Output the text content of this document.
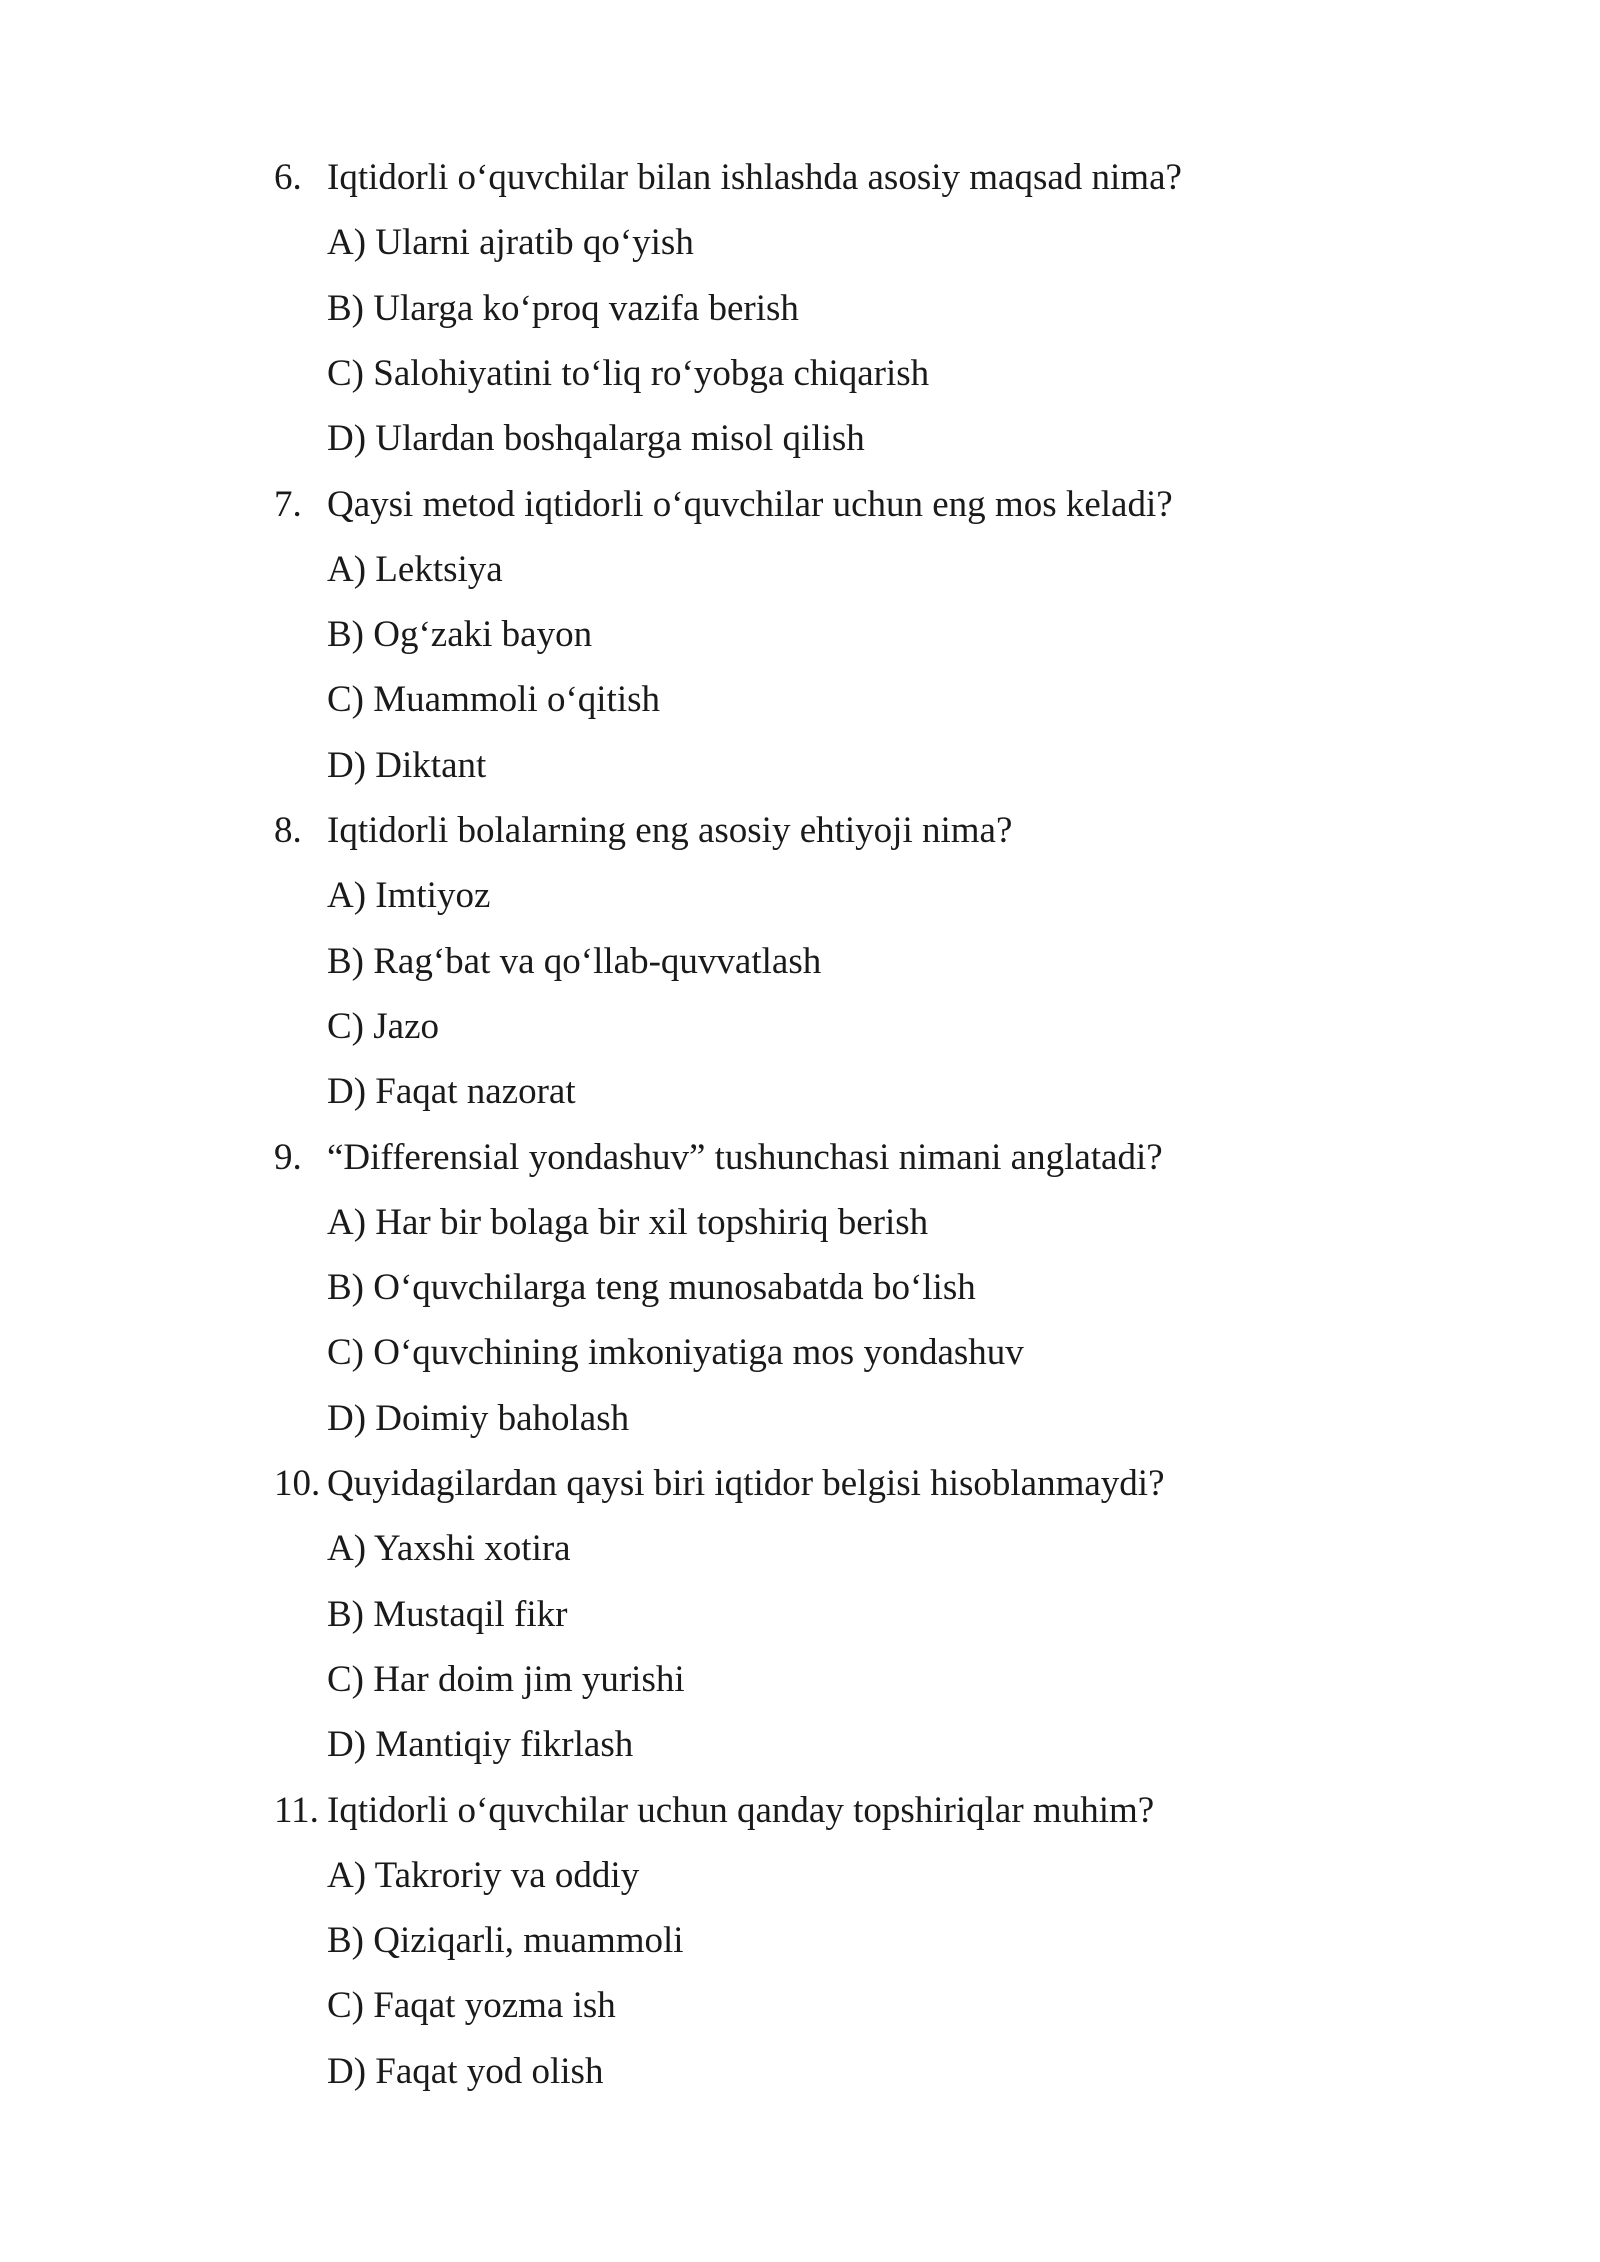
6. Iqtidorli o‘quvchilar bilan ishlashda asosiy maqsad nima?
A) Ularni ajratib qo‘yish
B) Ularga ko‘proq vazifa berish
C) Salohiyatini to‘liq ro‘yobga chiqarish
D) Ulardan boshqalarga misol qilish
7. Qaysi metod iqtidorli o‘quvchilar uchun eng mos keladi?
A) Lektsiya
B) Og‘zaki bayon
C) Muammoli o‘qitish
D) Diktant
8. Iqtidorli bolalarning eng asosiy ehtiyoji nima?
A) Imtiyoz
B) Rag‘bat va qo‘llab-quvvatlash
C) Jazo
D) Faqat nazorat
9. “Differensial yondashuv” tushunchasi nimani anglatadi?
A) Har bir bolaga bir xil topshiriq berish
B) O‘quvchilarga teng munosabatda bo‘lish
C) O‘quvchining imkoniyatiga mos yondashuv
D) Doimiy baholash
10. Quyidagilardan qaysi biri iqtidor belgisi hisoblanmaydi?
A) Yaxshi xotira
B) Mustaqil fikr
C) Har doim jim yurishi
D) Mantiqiy fikrlash
11. Iqtidorli o‘quvchilar uchun qanday topshiriqlar muhim?
A) Takroriy va oddiy
B) Qiziqarli, muammoli
C) Faqat yozma ish
D) Faqat yod olish
